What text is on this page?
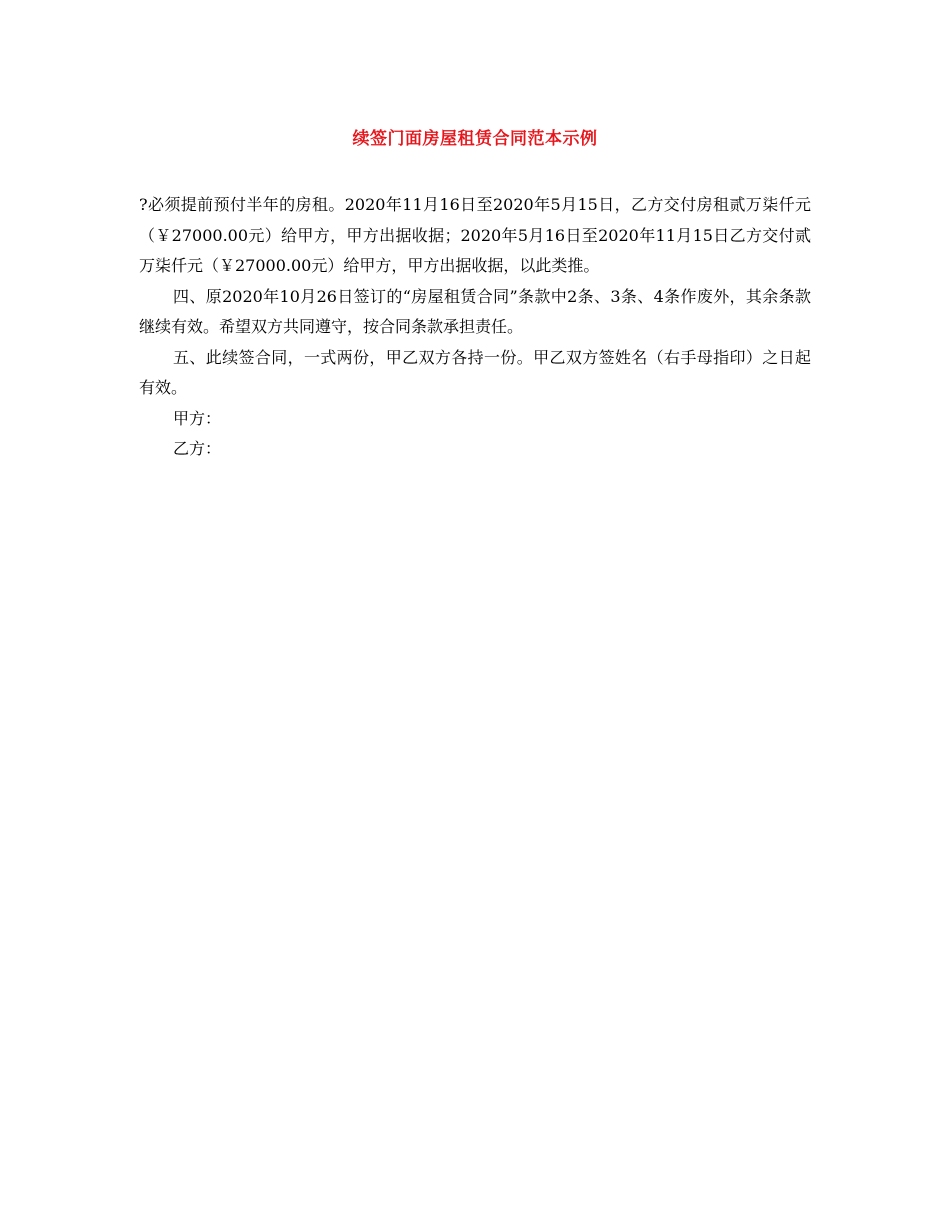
续签门面房屋租赁合同范本示例

?必须提前预付半年的房租。2020年11月16日至2020年5月15日，乙方交付房租贰万柒仟元（￥27000.00元）给甲方，甲方出据收据；2020年5月16日至2020年11月15日乙方交付贰万柒仟元（￥27000.00元）给甲方，甲方出据收据，以此类推。

四、原2020年10月26日签订的“房屋租赁合同”条款中2条、3条、4条作废外，其余条款继续有效。希望双方共同遵守，按合同条款承担责任。

五、此续签合同，一式两份，甲乙双方各持一份。甲乙双方签姓名（右手母指印）之日起有效。

甲方：

乙方：
